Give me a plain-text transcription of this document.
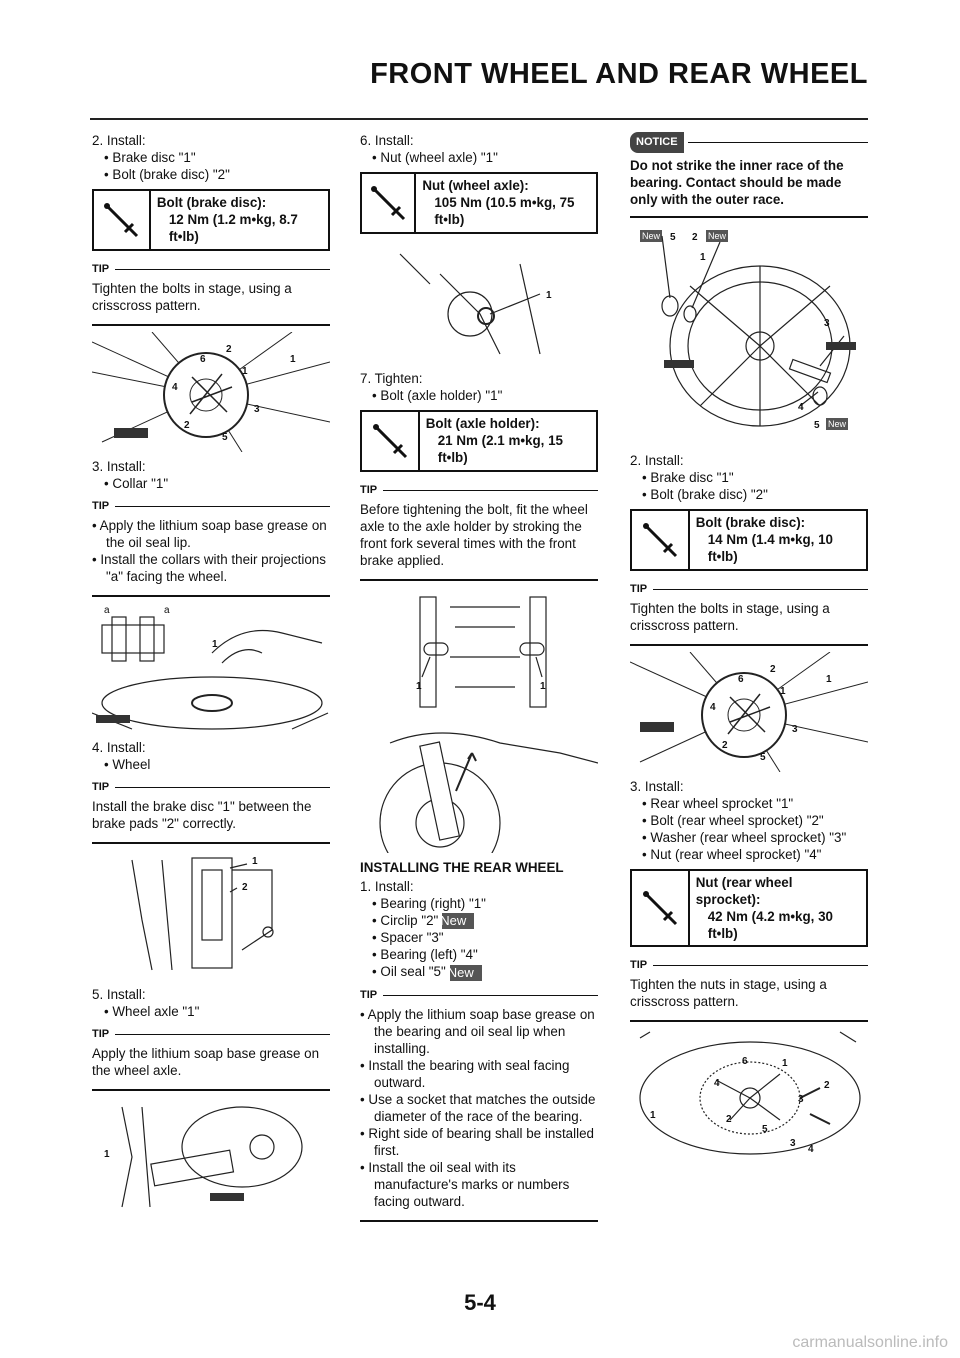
FRONT WHEEL AND REAR WHEEL

2. Install:

• Brake disc "1"

• Bolt (brake disc) "2"

Bolt (brake disc):
12 Nm (1.2 m•kg, 8.7 ft•lb)
TIP

Tighten the bolts in stage, using a crisscross pattern.

6
1
4
3
2
5
1
2

3. Install:

• Collar "1"

TIP

• Apply the lithium soap base grease on the oil seal lip.

• Install the collars with their projections "a" facing the wheel.

a	a
1

4. Install:

• Wheel

TIP

Install the brake disc "1" between the brake pads "2" correctly.

1
2

5. Install:

• Wheel axle "1"

TIP

Apply the lithium soap base grease on the wheel axle.

1

6. Install:

• Nut (wheel axle) "1"

Nut (wheel axle):
105 Nm (10.5 m•kg, 75 ft•lb)
1

7. Tighten:

• Bolt (axle holder) "1"

Bolt (axle holder):
21 Nm (2.1 m•kg, 15 ft•lb)
TIP

Before tightening the bolt, fit the wheel axle to the axle holder by stroking the front fork several times with the front brake applied.

1	1

INSTALLING THE REAR WHEEL

1. Install:

• Bearing (right) "1"

• Circlip "2" New

• Spacer "3"

• Bearing (left) "4"

• Oil seal "5" New

TIP

• Apply the lithium soap base grease on the bearing and oil seal lip when installing.

• Install the bearing with seal facing outward.

• Use a socket that matches the outside diameter of the race of the bearing.

• Right side of bearing shall be installed first.

• Install the oil seal with its manufacture's marks or numbers facing outward.

NOTICE
Do not strike the inner race of the bearing. Contact should be made only with the outer race.
New	New
New
5 2
1
3
4
5

2. Install:

• Brake disc "1"

• Bolt (brake disc) "2"

Bolt (brake disc):
14 Nm (1.4 m•kg, 10 ft•lb)
TIP

Tighten the bolts in stage, using a crisscross pattern.

6
1
4
3
2
5
1
2

3. Install:

• Rear wheel sprocket "1"

• Bolt (rear wheel sprocket) "2"

• Washer (rear wheel sprocket) "3"

• Nut (rear wheel sprocket) "4"

Nut (rear wheel sprocket):
42 Nm (4.2 m•kg, 30 ft•lb)
TIP

Tighten the nuts in stage, using a crisscross pattern.

6	1
4
3
2
5
1
2
3
4
5-4
carmanualsonline.info
